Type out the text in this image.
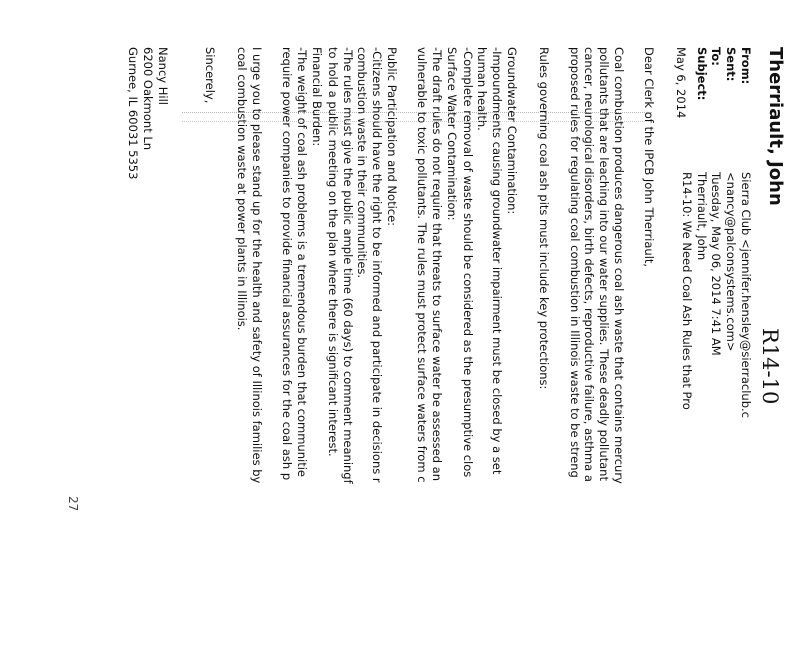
Therriault, John
R14-10
From:
Sent:
To:
Subject:
Sierra Club <jennifer.hensley@sierraclub.c
<nancy@palconsystems.com>
Tuesday, May 06, 2014 7:41 AM
Therriault, John
R14-10: We Need Coal Ash Rules that Pro
May 6, 2014
Dear Clerk of the IPCB John Therriault,
Coal combustion produces dangerous coal ash waste that contains mercury
pollutants that are leaching into our water supplies. These deadly pollutant
cancer, neurological disorders, birth defects, reproductive failure, asthma a
proposed rules for regulating coal combustion in Illinois waste to be streng
Rules governing coal ash pits must include key protections:
Groundwater Contamination:
-Impoundments causing groundwater impairment must be closed by a set
human health.
-Complete removal of waste should be considered as the presumptive clos
Surface Water Contamination:
-The draft rules do not require that threats to surface water be assessed an
vulnerable to toxic pollutants. The rules must protect surface waters from c
Public Participation and Notice:
-Citizens should have the right to be informed and participate in decisions r
combustion waste in their communities.
-The rules must give the public ample time (60 days) to comment meaningf
to hold a public meeting on the plan where there is significant interest.
Financial Burden:
-The weight of coal ash problems is a tremendous burden that communitie
require power companies to provide financial assurances for the coal ash p
I urge you to please stand up for the health and safety of Illinois families by
coal combustion waste at power plants in Illinois.
Sincerely,
Nancy Hill
6200 Oakmont Ln
Gurnee, IL 60031 5353
27
